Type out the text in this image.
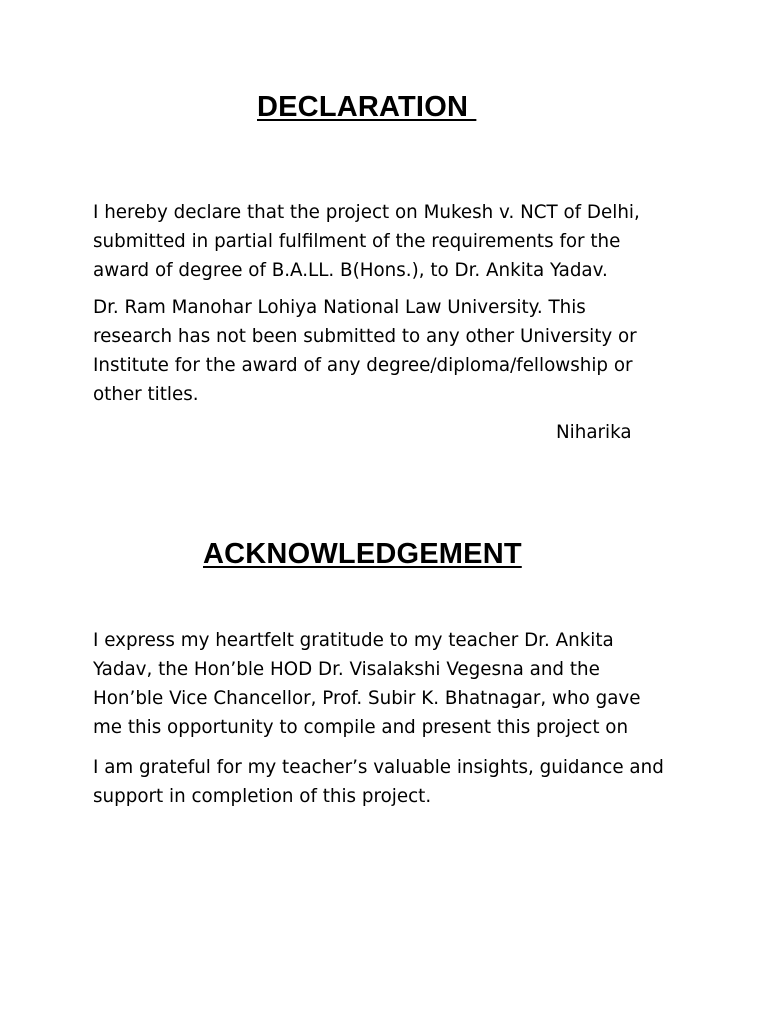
DECLARATION

I hereby declare that the project on Mukesh v. NCT of Delhi,
submitted in partial fulfilment of the requirements for the
award of degree of B.A.LL. B(Hons.), to Dr. Ankita Yadav.

Dr. Ram Manohar Lohiya National Law University. This
research has not been submitted to any other University or
Institute for the award of any degree/diploma/fellowship or
other titles.

Niharika

ACKNOWLEDGEMENT

I express my heartfelt gratitude to my teacher Dr. Ankita
Yadav, the Hon’ble HOD Dr. Visalakshi Vegesna and the
Hon’ble Vice Chancellor, Prof. Subir K. Bhatnagar, who gave
me this opportunity to compile and present this project on

I am grateful for my teacher’s valuable insights, guidance and
support in completion of this project.
